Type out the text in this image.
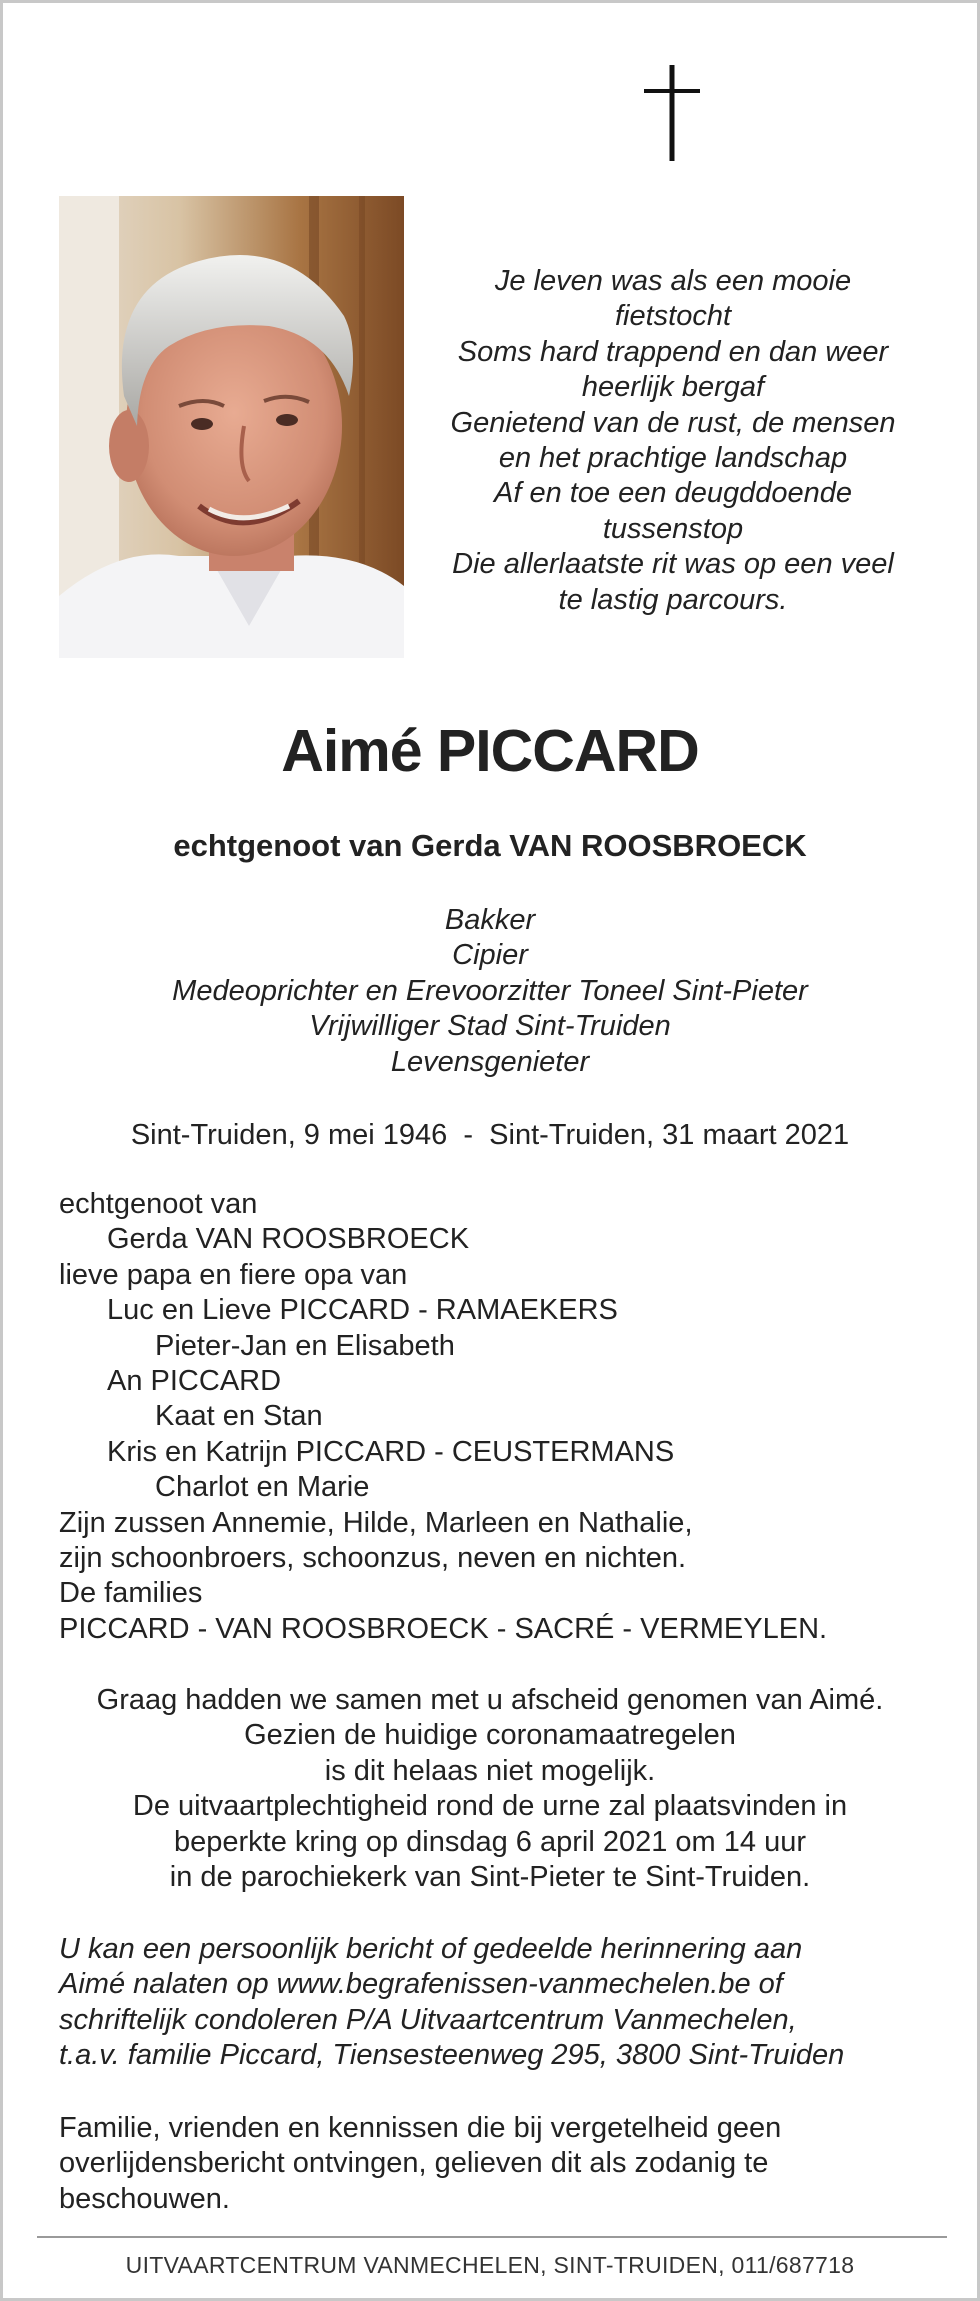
Je leven was als een mooie
fietstocht
Soms hard trappend en dan weer
heerlijk bergaf
Genietend van de rust, de mensen
en het prachtige landschap
Af en toe een deugddoende
tussenstop
Die allerlaatste rit was op een veel
te lastig parcours.
Aimé PICCARD
echtgenoot van Gerda VAN ROOSBROECK
Bakker
Cipier
Medeoprichter en Erevoorzitter Toneel Sint-Pieter
Vrijwilliger Stad Sint-Truiden
Levensgenieter
Sint-Truiden, 9 mei 1946  -  Sint-Truiden, 31 maart 2021
echtgenoot van
Gerda VAN ROOSBROECK
lieve papa en fiere opa van
Luc en Lieve PICCARD - RAMAEKERS
Pieter-Jan en Elisabeth
An PICCARD
Kaat en Stan
Kris en Katrijn PICCARD - CEUSTERMANS
Charlot en Marie
Zijn zussen Annemie, Hilde, Marleen en Nathalie,
zijn schoonbroers, schoonzus, neven en nichten.
De families
PICCARD - VAN ROOSBROECK - SACRÉ - VERMEYLEN.
Graag hadden we samen met u afscheid genomen van Aimé.
Gezien de huidige coronamaatregelen
is dit helaas niet mogelijk.
De uitvaartplechtigheid rond de urne zal plaatsvinden in
beperkte kring op dinsdag 6 april 2021 om 14 uur
in de parochiekerk van Sint-Pieter te Sint-Truiden.
U kan een persoonlijk bericht of gedeelde herinnering aan
Aimé nalaten op www.begrafenissen-vanmechelen.be of
schriftelijk condoleren P/A Uitvaartcentrum Vanmechelen,
t.a.v. familie Piccard, Tiensesteenweg 295, 3800 Sint-Truiden
Familie, vrienden en kennissen die bij vergetelheid geen
overlijdensbericht ontvingen, gelieven dit als zodanig te
beschouwen.
UITVAARTCENTRUM VANMECHELEN, SINT-TRUIDEN, 011/687718
